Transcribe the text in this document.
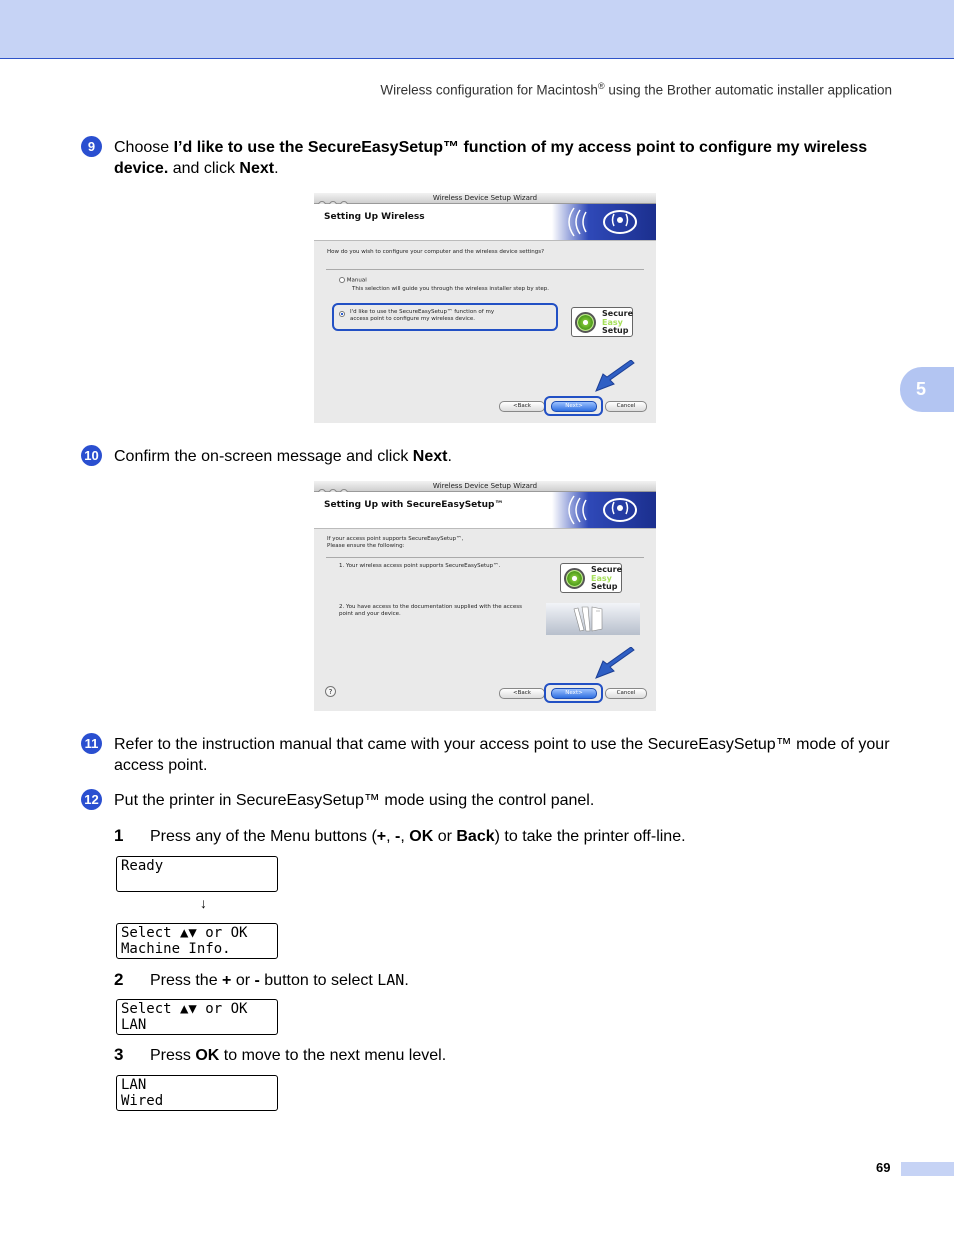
Wireless configuration for Macintosh® using the Brother automatic installer application
5
9	Choose I’d like to use the SecureEasySetup™ function of my access point to configure my wireless device. and click Next.
Wireless Device Setup Wizard
Setting Up Wireless
How do you wish to configure your computer and the wireless device settings?
Manual
This selection will guide you through the wireless installer step by step.
I'd like to use the SecureEasySetup™ function of my
access point to configure my wireless device.
Secure
Easy
Setup
<Back	Next>	Cancel
10 Confirm the on-screen message and click Next.
Wireless Device Setup Wizard
Setting Up with SecureEasySetup™
If your access point supports SecureEasySetup™,
Please ensure the following:
1. Your wireless access point supports SecureEasySetup™.	Secure
Easy
Setup
2. You have access to the documentation supplied with the access
point and your device.
?	<Back	Next>	Cancel
11 Refer to the instruction manual that came with your access point to use the SecureEasySetup™ mode of your access point.
12 Put the printer in SecureEasySetup™ mode using the control panel.
1 Press any of the Menu buttons (+, -, OK or Back) to take the printer off-line.
Ready
↓
Select ▲▼ or OK
Machine Info.
2 Press the + or - button to select LAN.
Select ▲▼ or OK
LAN
3 Press OK to move to the next menu level.
LAN
Wired
69
